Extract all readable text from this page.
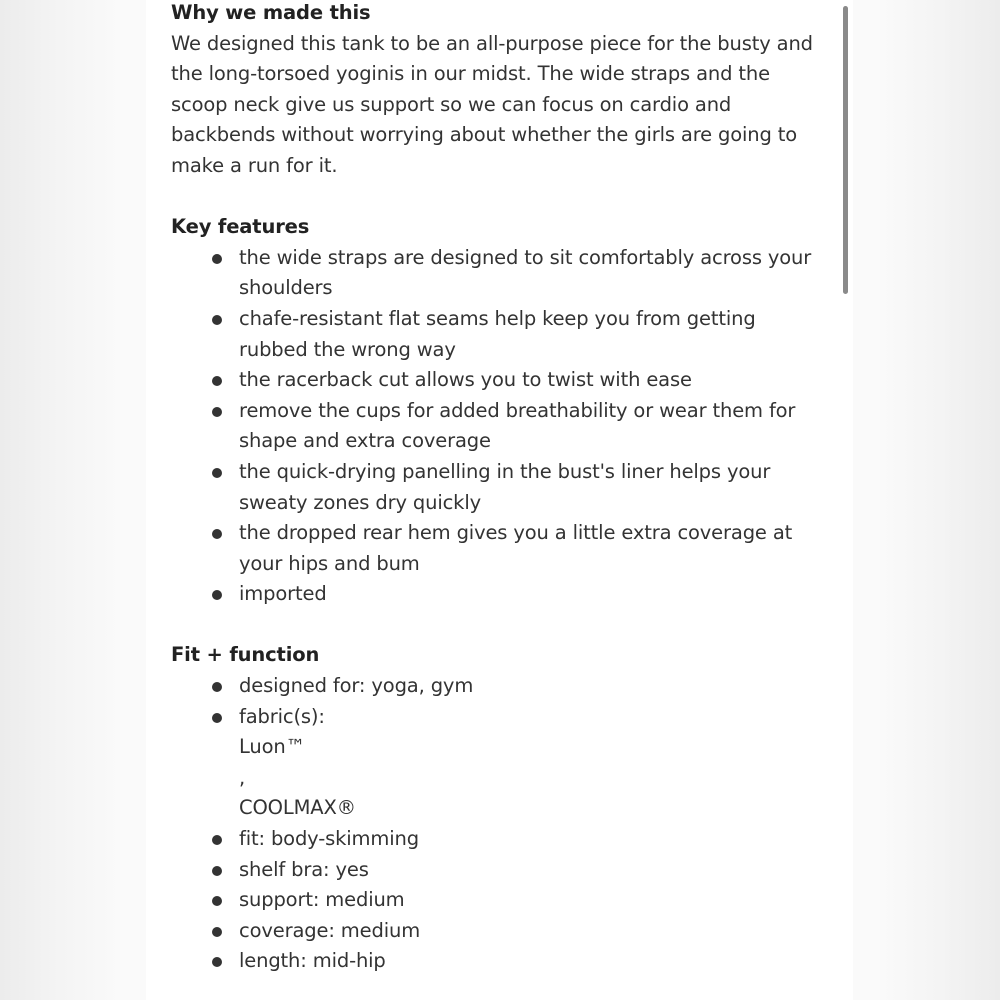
Why we made this

We designed this tank to be an all-purpose piece for the busty and
the long-torsoed yoginis in our midst. The wide straps and the
scoop neck give us support so we can focus on cardio and
backbends without worrying about whether the girls are going to
make a run for it.

Key features

the wide straps are designed to sit comfortably across your
shoulders
chafe-resistant flat seams help keep you from getting
rubbed the wrong way
the racerback cut allows you to twist with ease
remove the cups for added breathability or wear them for
shape and extra coverage
the quick-drying panelling in the bust's liner helps your
sweaty zones dry quickly
the dropped rear hem gives you a little extra coverage at
your hips and bum
imported

Fit + function

designed for: yoga, gym
fabric(s):
Luon™
,
COOLMAX®
fit: body-skimming
shelf bra: yes
support: medium
coverage: medium
length: mid-hip
